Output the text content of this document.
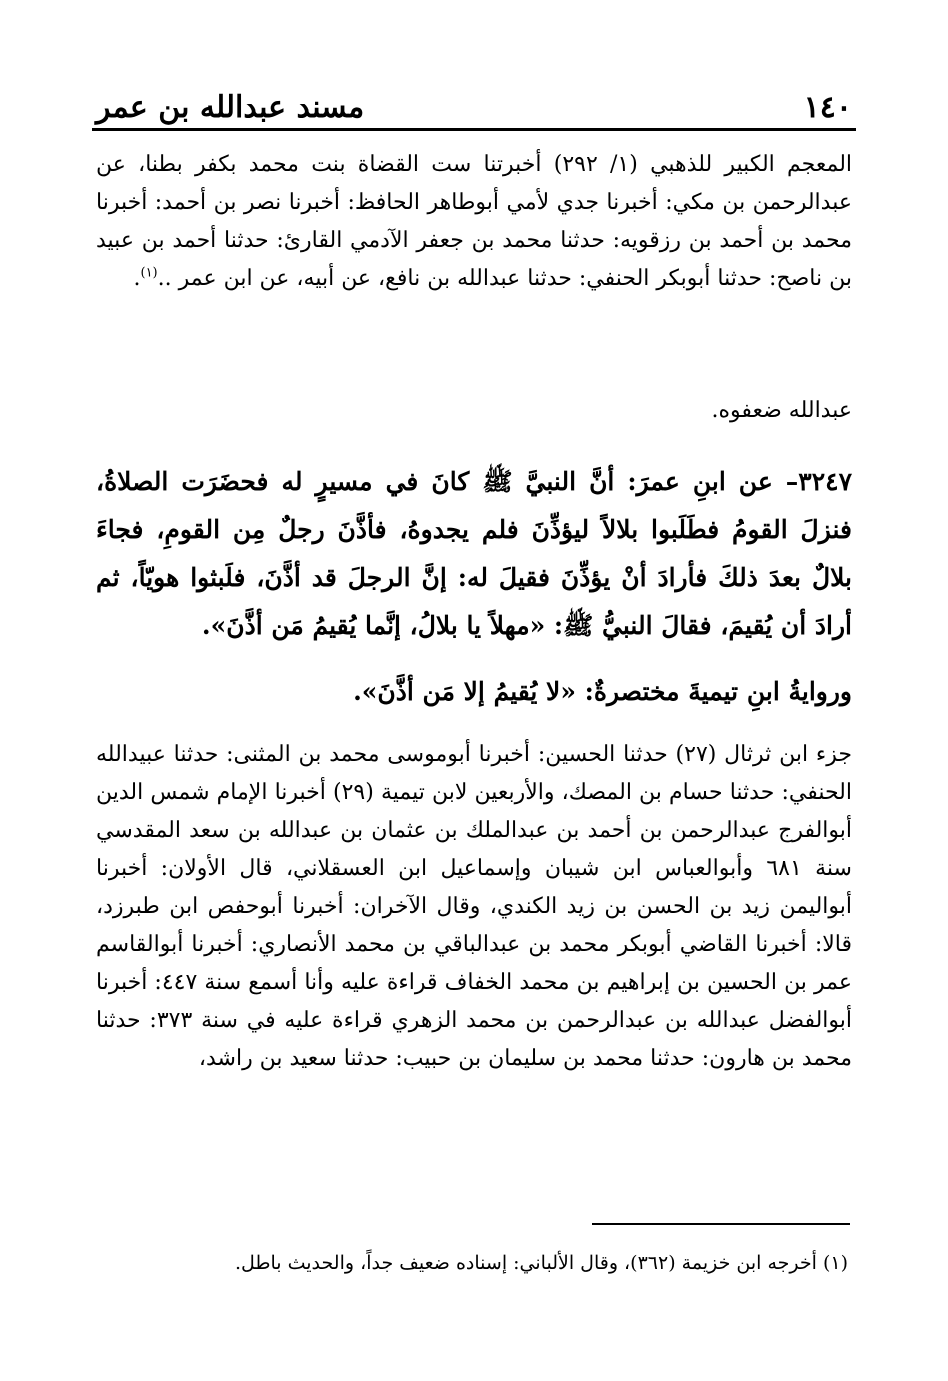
١٤٠
مسند عبدالله بن عمر

المعجم الكبير للذهبي (١/ ٢٩٢) أخبرتنا ست القضاة بنت محمد بكفر بطنا، عن عبدالرحمن بن مكي: أخبرنا جدي لأمي أبوطاهر الحافظ: أخبرنا نصر بن أحمد: أخبرنا محمد بن أحمد بن رزقويه: حدثنا محمد بن جعفر الآدمي القارئ: حدثنا أحمد بن عبيد بن ناصح: حدثنا أبوبكر الحنفي: حدثنا عبدالله بن نافع، عن أبيه، عن ابن عمر ..$^{(١)}$.

عبدالله ضعفوه.

٣٢٤٧– عن ابنِ عمرَ: أنَّ النبيَّ ﷺ كانَ في مسيرٍ له فحضَرَت الصلاةُ، فنزلَ القومُ فطَلَبوا بلالاً ليؤذِّنَ فلم يجدوهُ، فأذَّنَ رجلٌ مِن القومِ، فجاءَ بلالٌ بعدَ ذلكَ فأرادَ أنْ يؤذِّنَ فقيلَ له: إنَّ الرجلَ قد أذَّنَ، فلَبثوا هويّاً، ثم أرادَ أن يُقيمَ، فقالَ النبيُّ ﷺ: «مهلاً يا بلالُ، إنَّما يُقيمُ مَن أذَّنَ».

وروايةُ ابنِ تيميةَ مختصرةٌ: «لا يُقيمُ إلا مَن أذَّنَ».

جزء ابن ثرثال (٢٧) حدثنا الحسين: أخبرنا أبوموسى محمد بن المثنى: حدثنا عبيدالله الحنفي: حدثنا حسام بن المصك، والأربعين لابن تيمية (٢٩) أخبرنا الإمام شمس الدين أبوالفرج عبدالرحمن بن أحمد بن عبدالملك بن عثمان بن عبدالله بن سعد المقدسي سنة ٦٨١ وأبوالعباس ابن شيبان وإسماعيل ابن العسقلاني، قال الأولان: أخبرنا أبواليمن زيد بن الحسن بن زيد الكندي، وقال الآخران: أخبرنا أبوحفص ابن طبرزد، قالا: أخبرنا القاضي أبوبكر محمد بن عبدالباقي بن محمد الأنصاري: أخبرنا أبوالقاسم عمر بن الحسين بن إبراهيم بن محمد الخفاف قراءة عليه وأنا أسمع سنة ٤٤٧: أخبرنا أبوالفضل عبدالله بن عبدالرحمن بن محمد الزهري قراءة عليه في سنة ٣٧٣: حدثنا محمد بن هارون: حدثنا محمد بن سليمان بن حبيب: حدثنا سعيد بن راشد،

(١) أخرجه ابن خزيمة (٣٦٢)، وقال الألباني: إسناده ضعيف جداً، والحديث باطل.
